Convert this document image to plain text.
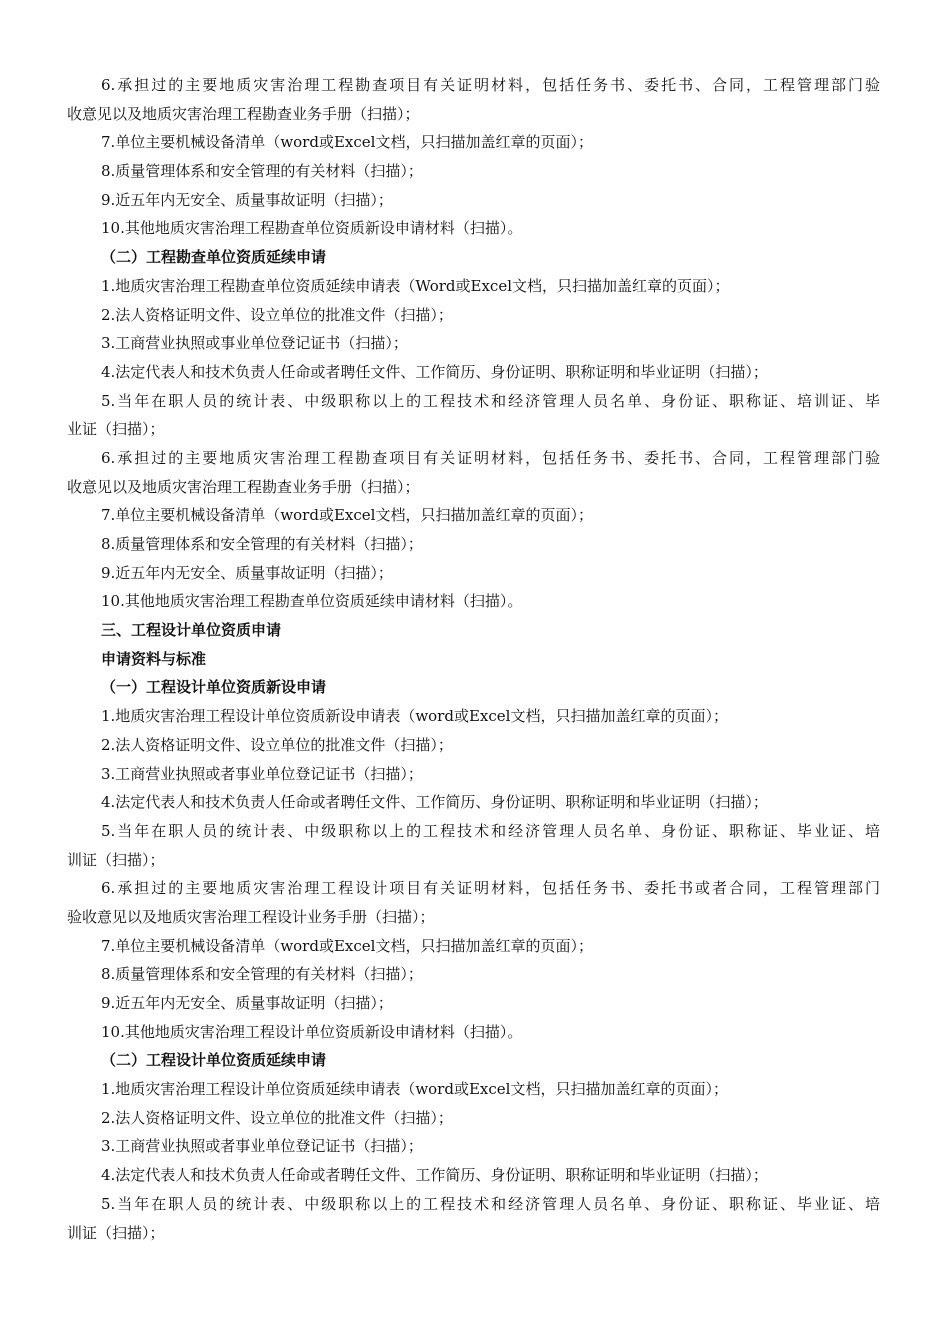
6.承担过的主要地质灾害治理工程勘查项目有关证明材料，包括任务书、委托书、合同，工程管理部门验
收意见以及地质灾害治理工程勘查业务手册（扫描）；
7.单位主要机械设备清单（word或Excel文档，只扫描加盖红章的页面）；
8.质量管理体系和安全管理的有关材料（扫描）；
9.近五年内无安全、质量事故证明（扫描）；
10.其他地质灾害治理工程勘查单位资质新设申请材料（扫描）。
（二）工程勘查单位资质延续申请
1.地质灾害治理工程勘查单位资质延续申请表（Word或Excel文档，只扫描加盖红章的页面）；
2.法人资格证明文件、设立单位的批准文件（扫描）；
3.工商营业执照或事业单位登记证书（扫描）；
4.法定代表人和技术负责人任命或者聘任文件、工作简历、身份证明、职称证明和毕业证明（扫描）；
5.当年在职人员的统计表、中级职称以上的工程技术和经济管理人员名单、身份证、职称证、培训证、毕
业证（扫描）；
6.承担过的主要地质灾害治理工程勘查项目有关证明材料，包括任务书、委托书、合同，工程管理部门验
收意见以及地质灾害治理工程勘查业务手册（扫描）；
7.单位主要机械设备清单（word或Excel文档，只扫描加盖红章的页面）；
8.质量管理体系和安全管理的有关材料（扫描）；
9.近五年内无安全、质量事故证明（扫描）；
10.其他地质灾害治理工程勘查单位资质延续申请材料（扫描）。
三、工程设计单位资质申请
申请资料与标准
（一）工程设计单位资质新设申请
1.地质灾害治理工程设计单位资质新设申请表（word或Excel文档，只扫描加盖红章的页面）；
2.法人资格证明文件、设立单位的批准文件（扫描）；
3.工商营业执照或者事业单位登记证书（扫描）；
4.法定代表人和技术负责人任命或者聘任文件、工作简历、身份证明、职称证明和毕业证明（扫描）；
5.当年在职人员的统计表、中级职称以上的工程技术和经济管理人员名单、身份证、职称证、毕业证、培
训证（扫描）；
6.承担过的主要地质灾害治理工程设计项目有关证明材料，包括任务书、委托书或者合同，工程管理部门
验收意见以及地质灾害治理工程设计业务手册（扫描）；
7.单位主要机械设备清单（word或Excel文档，只扫描加盖红章的页面）；
8.质量管理体系和安全管理的有关材料（扫描）；
9.近五年内无安全、质量事故证明（扫描）；
10.其他地质灾害治理工程设计单位资质新设申请材料（扫描）。
（二）工程设计单位资质延续申请
1.地质灾害治理工程设计单位资质延续申请表（word或Excel文档，只扫描加盖红章的页面）；
2.法人资格证明文件、设立单位的批准文件（扫描）；
3.工商营业执照或者事业单位登记证书（扫描）；
4.法定代表人和技术负责人任命或者聘任文件、工作简历、身份证明、职称证明和毕业证明（扫描）；
5.当年在职人员的统计表、中级职称以上的工程技术和经济管理人员名单、身份证、职称证、毕业证、培
训证（扫描）；
